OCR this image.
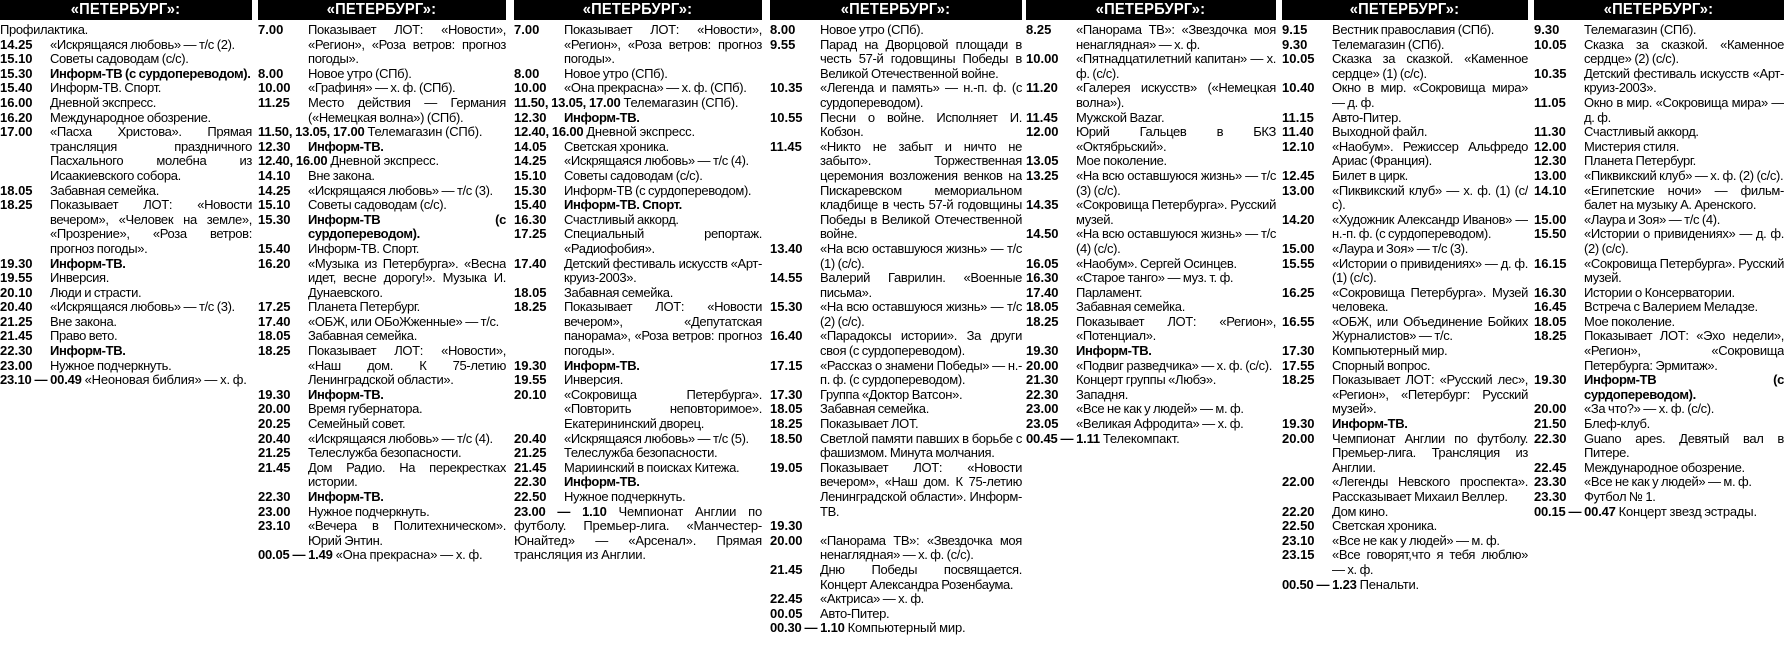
«ПЕТЕРБУРГ»:
Профилактика.
14.25 «Искрящаяся любовь» — т/с (2).
15.10 Советы садоводам (с/с).
15.30 Информ-ТВ (с сурдопереводом).
15.40 Информ-ТВ. Спорт.
16.00 Дневной экспресс.
16.20 Международное обозрение.
17.00 «Пасха Христова». Прямая трансляция праздничного Пасхального молебна из Исаакиевского собора.
18.05 Забавная семейка.
18.25 Показывает ЛОТ: «Новости вечером», «Человек на земле», «Прозрение», «Роза ветров: прогноз погоды».
19.30 Информ-ТВ.
19.55 Инверсия.
20.10 Люди и страсти.
20.40 «Искрящаяся любовь» — т/с (3).
21.25 Вне закона.
21.45 Право вето.
22.30 Информ-ТВ.
23.00 Нужное подчеркнуть.
23.10 — 00.49 «Неоновая библия» — х. ф.
«ПЕТЕРБУРГ»:
7.00 Показывает ЛОТ: «Новости», «Регион», «Роза ветров: прогноз погоды».
8.00 Новое утро (СПб).
10.00 «Графиня» — х. ф. (СПб).
11.25 Место действия — Германия («Немецкая волна») (СПб).
11.50, 13.05, 17.00 Телемагазин (СПб).
12.30 Информ-ТВ.
12.40, 16.00 Дневной экспресс.
14.10 Вне закона.
14.25 «Искрящаяся любовь» — т/с (3).
15.10 Советы садоводам (с/с).
15.30 Информ-ТВ (с сурдопереводом).
15.40 Информ-ТВ. Спорт.
16.20 «Музыка из Петербурга». «Весна идет, весне дорогу!». Музыка И. Дунаевского.
17.25 Планета Петербург.
17.40 «ОБЖ, или ОБоЖженные» — т/с.
18.05 Забавная семейка.
18.25 Показывает ЛОТ: «Новости», «Наш дом. К 75-летию Ленинградской области».
19.30 Информ-ТВ.
20.00 Время губернатора.
20.25 Семейный совет.
20.40 «Искрящаяся любовь» — т/с (4).
21.25 Телеслужба безопасности.
21.45 Дом Радио. На перекрестках истории.
22.30 Информ-ТВ.
23.00 Нужное подчеркнуть.
23.10 «Вечера в Политехническом». Юрий Энтин.
00.05 — 1.49 «Она прекрасна» — х. ф.
«ПЕТЕРБУРГ»:
7.00 Показывает ЛОТ: «Новости», «Регион», «Роза ветров: прогноз погоды».
8.00 Новое утро (СПб).
10.00 «Она прекрасна» — х. ф. (СПб).
11.50, 13.05, 17.00 Телемагазин (СПб).
12.30 Информ-ТВ.
12.40, 16.00 Дневной экспресс.
14.05 Светская хроника.
14.25 «Искрящаяся любовь» — т/с (4).
15.10 Советы садоводам (с/с).
15.30 Информ-ТВ (с сурдопереводом).
15.40 Информ-ТВ. Спорт.
16.30 Счастливый аккорд.
17.25 Специальный репортаж. «Радиофобия».
17.40 Детский фестиваль искусств «Арт-круиз-2003».
18.05 Забавная семейка.
18.25 Показывает ЛОТ: «Новости вечером», «Депутатская панорама», «Роза ветров: прогноз погоды».
19.30 Информ-ТВ.
19.55 Инверсия.
20.10 «Сокровища Петербурга». «Повторить неповторимое». Екатерининский дворец.
20.40 «Искрящаяся любовь» — т/с (5).
21.25 Телеслужба безопасности.
21.45 Мариинский в поисках Китежа.
22.30 Информ-ТВ.
22.50 Нужное подчеркнуть.
23.00 — 1.10 Чемпионат Англии по футболу. Премьер-лига. «Манчестер-Юнайтед» — «Арсенал». Прямая трансляция из Англии.
«ПЕТЕРБУРГ»:
8.00 Новое утро (СПб).
9.55 Парад на Дворцовой площади в честь 57-й годовщины Победы в Великой Отечественной войне.
10.35 «Легенда и память» — н.-п. ф. (с сурдопереводом).
10.55 Песни о войне. Исполняет И. Кобзон.
11.45 «Никто не забыт и ничто не забыто». Торжественная церемония возложения венков на Пискаревском мемориальном кладбище в честь 57-й годовщины Победы в Великой Отечественной войне.
13.40 «На всю оставшуюся жизнь» — т/с (1) (с/с).
14.55 Валерий Гаврилин. «Военные письма».
15.30 «На всю оставшуюся жизнь» — т/с (2) (с/с).
16.40 «Парадоксы истории». За други своя (с сурдопереводом).
17.15 «Рассказ о знамени Победы» — н.-п. ф. (с сурдопереводом).
17.30 Группа «Доктор Ватсон».
18.05 Забавная семейка.
18.25 Показывает ЛОТ.
18.50 Светлой памяти павших в борьбе с фашизмом. Минута молчания.
19.05 Показывает ЛОТ: «Новости вечером», «Наш дом. К 75-летию Ленинградской области». Информ-ТВ.
19.30

20.00 «Панорама ТВ»: «Звездочка моя ненаглядная» — х. ф. (с/с).
21.45 Дню Победы посвящается. Концерт Александра Розенбаума.
22.45 «Актриса» — х. ф.
00.05 Авто-Питер.
00.30 — 1.10 Компьютерный мир.
«ПЕТЕРБУРГ»:
8.25 «Панорама ТВ»: «Звездочка моя ненаглядная» — х. ф.
10.00 «Пятнадцатилетний капитан» — х. ф. (с/с).
11.20 «Галерея искусств» («Немецкая волна»).
11.45 Мужской Bazar.
12.00 Юрий Гальцев в БКЗ «Октябрьский».
13.05 Мое поколение.
13.25 «На всю оставшуюся жизнь» — т/с (3) (с/с).
14.35 «Сокровища Петербурга». Русский музей.
14.50 «На всю оставшуюся жизнь» — т/с (4) (с/с).
16.05 «Наобум». Сергей Осинцев.
16.30 «Старое танго» — муз. т. ф.
17.40 Парламент.
18.05 Забавная семейка.
18.25 Показывает ЛОТ: «Регион», «Потенциал».
19.30 Информ-ТВ.
20.00 «Подвиг разведчика» — х. ф. (с/с).
21.30 Концерт группы «Любэ».
22.30 Западня.
23.00 «Все не как у людей» — м. ф.
23.05 «Великая Афродита» — х. ф.
00.45 — 1.11 Телекомпакт.
«ПЕТЕРБУРГ»:
9.15 Вестник православия (СПб).
9.30 Телемагазин (СПб).
10.05 Сказка за сказкой. «Каменное сердце» (1) (с/с).
10.40 Окно в мир. «Сокровища мира» — д. ф.
11.15 Авто-Питер.
11.40 Выходной файл.
12.10 «Наобум». Режиссер Альфредо Ариас (Франция).
12.45 Билет в цирк.
13.00 «Пиквикский клуб» — х. ф. (1) (с/с).
14.20 «Художник Александр Иванов» — н.-п. ф. (с сурдопереводом).
15.00 «Лаура и Зоя» — т/с (3).
15.55 «Истории о привидениях» — д. ф. (1) (с/с).
16.25 «Сокровища Петербурга». Музей человека.
16.55 «ОБЖ, или Объединение Бойких Журналистов» — т/с.
17.30 Компьютерный мир.
17.55 Спорный вопрос.
18.25 Показывает ЛОТ: «Русский лес», «Регион», «Петербург: Русский музей».
19.30 Информ-ТВ.
20.00 Чемпионат Англии по футболу. Премьер-лига. Трансляция из Англии.
22.00 «Легенды Невского проспекта». Рассказывает Михаил Веллер.
22.20 Дом кино.
22.50 Светская хроника.
23.10 «Все не как у людей» — м. ф.
23.15 «Все говорят,что я тебя люблю» — х. ф.
00.50 — 1.23 Пенальти.
«ПЕТЕРБУРГ»:
9.30 Телемагазин (СПб).
10.05 Сказка за сказкой. «Каменное сердце» (2) (с/с).
10.35 Детский фестиваль искусств «Арт-круиз-2003».
11.05 Окно в мир. «Сокровища мира» — д. ф.
11.30 Счастливый аккорд.
12.00 Мистерия стиля.
12.30 Планета Петербург.
13.00 «Пиквикский клуб» — х. ф. (2) (с/с).
14.10 «Египетские ночи» — фильм-балет на музыку А. Аренского.
15.00 «Лаура и Зоя» — т/с (4).
15.50 «Истории о привидениях» — д. ф. (2) (с/с).
16.15 «Сокровища Петербурга». Русский музей.
16.30 Истории о Консерватории.
16.45 Встреча с Валерием Меладзе.
18.05 Мое поколение.
18.25 Показывает ЛОТ: «Эхо недели», «Регион», «Сокровища Петербурга: Эрмитаж».
19.30 Информ-ТВ (с сурдопереводом).
20.00 «За что?» — х. ф. (с/с).
21.50 Блеф-клуб.
22.30 Guano apes. Девятый вал в Питере.
22.45 Международное обозрение.
23.30 «Все не как у людей» — м. ф.
23.30 Футбол № 1.
00.15 — 00.47 Концерт звезд эстрады.
